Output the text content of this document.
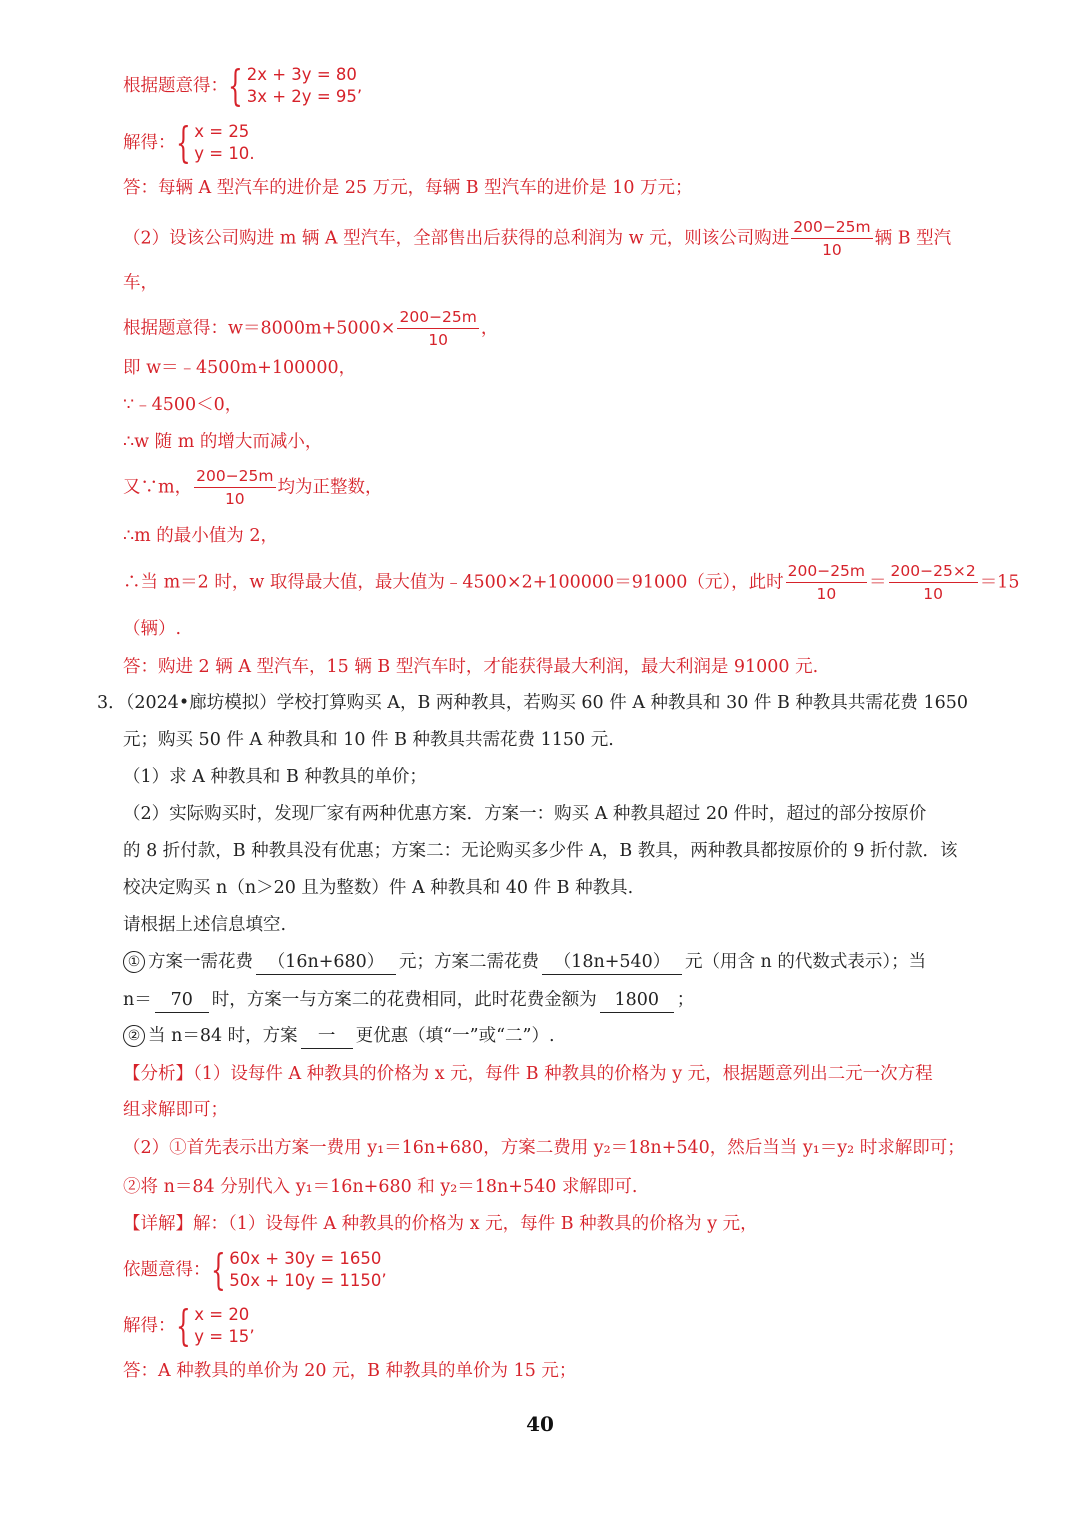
根据题意得： { 2x + 3y = 80
3x + 2y = 95’
解得： { x = 25
y = 10.
答：每辆 A 型汽车的进价是 25 万元，每辆 B 型汽车的进价是 10 万元；
（2）设该公司购进 m 辆 A 型汽车，全部售出后获得的总利润为 w 元，则该公司购进 $\frac{200-25m}{10}$ 辆 B 型汽
车，
根据题意得：$w=8000m+5000\times \frac{200-25m}{10}$ ，
即 w＝﹣4500m+100000，
∵﹣4500＜0，
∴w 随 m 的增大而减小，
又∵m， $\frac{200-25m}{10}$ 均为正整数，
∴m 的最小值为 2，
∴当 m＝2 时，w 取得最大值，最大值为﹣4500×2+100000＝91000（元），此时 $\frac{200-25m}{10} = \frac{200-25\times 2}{10} =15$
（辆）.
答：购进 2 辆 A 型汽车，15 辆 B 型汽车时，才能获得最大利润，最大利润是 91000 元.
3．（2024•廊坊模拟）学校打算购买 A，B 两种教具，若购买 60 件 A 种教具和 30 件 B 种教具共需花费 1650
元；购买 50 件 A 种教具和 10 件 B 种教具共需花费 1150 元.
（1）求 A 种教具和 B 种教具的单价；
（2）实际购买时，发现厂家有两种优惠方案．方案一：购买 A 种教具超过 20 件时，超过的部分按原价
的 8 折付款，B 种教具没有优惠；方案二：无论购买多少件 A，B 教具，两种教具都按原价的 9 折付款．该
校决定购买 n（n＞20 且为整数）件 A 种教具和 40 件 B 种教具.
请根据上述信息填空.
① 方案一需花费 （16n+680） 元；方案二需花费 （18n+540） 元（用含 n 的代数式表示）；当
n＝ 70 时，方案一与方案二的花费相同，此时花费金额为 1800 ；
② 当 n＝84 时，方案 一 更优惠（填“一”或“二”）.
【分析】（1）设每件 A 种教具的价格为 x 元，每件 B 种教具的价格为 y 元，根据题意列出二元一次方程
组求解即可；
（2）①首先表示出方案一费用 y₁＝16n+680，方案二费用 y₂＝18n+540，然后当当 y₁＝y₂ 时求解即可；
②将 n＝84 分别代入 y₁＝16n+680 和 y₂＝18n+540 求解即可.
【详解】解：（1）设每件 A 种教具的价格为 x 元，每件 B 种教具的价格为 y 元，
依题意得： { 60x + 30y = 1650
50x + 10y = 1150’
解得： { x = 20
y = 15’
答：A 种教具的单价为 20 元，B 种教具的单价为 15 元；
40
